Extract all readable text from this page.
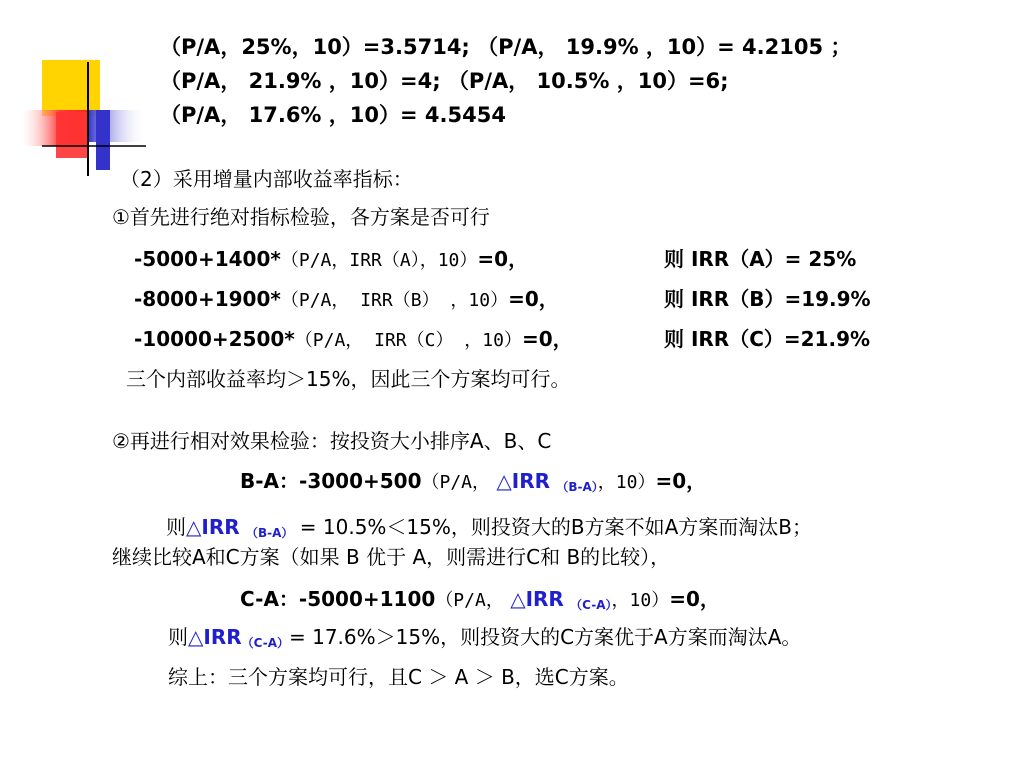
（P/A，25%，10）=3.5714; （P/A， 19.9% ，10）= 4.2105 ；
（P/A， 21.9% ，10）=4; （P/A， 10.5% ，10）=6;
（P/A， 17.6% ，10）= 4.5454
（2）采用增量内部收益率指标：
①首先进行绝对指标检验，各方案是否可行
-5000+1400*（P/A，IRR（A），10）=0，	则 IRR（A）= 25%
-8000+1900*（P/A， IRR（B） ，10）=0，	则 IRR（B）=19.9%
-10000+2500*（P/A， IRR（C） ，10）=0，	则 IRR（C）=21.9%
三个内部收益率均＞15%，因此三个方案均可行。
②再进行相对效果检验：按投资大小排序A、B、C
B-A：-3000+500（P/A， △IRR $_{(B-A)}$，10）=0，
则△IRR $_{(B-A)}$ = 10.5%＜15%，则投资大的B方案不如A方案而淘汰B；
继续比较A和C方案（如果 B 优于 A，则需进行C和 B的比较），
C-A：-5000+1100（P/A， △IRR $_{(C-A)}$，10）=0，
则$\triangle IRR_{(C-A)}= 17.6\%>15\%$，则投资大的C方案优于A方案而淘汰A。
综上：三个方案均可行，且C ＞ A ＞ B，选C方案。
